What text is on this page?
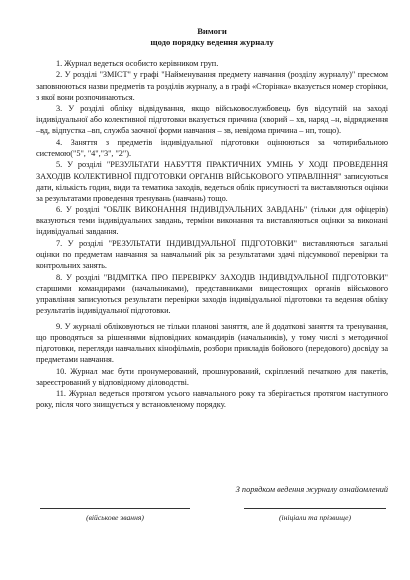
Вимоги
щодо порядку ведення журналу

1. Журнал ведеться особисто керівником груп.

2. У розділі "ЗМІСТ" у графі "Найменування предмету навчання (розділу журналу)" пресмом заповнюються назви предметів та розділів журналу, а в графі «Сторінка» вказується номер сторінки, з якої вони розпочинаються.

3. У розділі обліку відвідування, якщо військовослужбовець був відсутній на заході індивідуальної або колективної підготовки вказується причина (хворий – хв, наряд –н, відрядження –вд, відпустка –вп, служба заочної форми навчання – зв, невідома причина – нп, тощо).

4. Заняття з предметів індивідуальної підготовки оцінюються за чотирибальною системою("5", "4","3", "2").

5. У розділі "РЕЗУЛЬТАТИ НАБУТТЯ ПРАКТИЧНИХ УМІНЬ У ХОДІ ПРОВЕДЕННЯ ЗАХОДІВ КОЛЕКТИВНОЇ ПІДГОТОВКИ ОРГАНІВ ВІЙСЬКОВОГО УПРАВЛІННЯ" записуються дати, кількість годин, види та тематика заходів, ведеться облік присутності та виставляються оцінки за результатами проведення тренувань (навчань) тощо.

6. У розділі "ОБЛІК ВИКОНАННЯ ІНДИВІДУАЛЬНИХ ЗАВДАНЬ" (тільки для офіцерів) вказуються теми індивідуальних завдань, терміни виконання та виставляються оцінки за виконані індивідуальні завдання.

7. У розділі "РЕЗУЛЬТАТИ ІНДИВІДУАЛЬНОЇ ПІДГОТОВКИ" виставляються загальні оцінки по предметам навчання за навчальний рік за результатами здачі підсумкової перевірки та контрольних занять.

8. У розділі "ВІДМІТКА ПРО ПЕРЕВІРКУ ЗАХОДІВ ІНДИВІДУАЛЬНОЇ ПІДГОТОВКИ" старшими командирами (начальниками), представниками вищестоящих органів військового управління записуються результати перевірки заходів індивідуальної підготовки та ведення обліку результатів індивідуальної підготовки.

9. У журналі обліковуються не тільки планові заняття, але й додаткові заняття та тренування, що проводяться за рішеннями відповідних командирів (начальників), у тому числі з методичної підготовки, перегляди навчальних кінофільмів, розбори прикладів бойового (передового) досвіду за предметами навчання.

10. Журнал має бути пронумерований, прошнурований, скріплений печаткою для пакетів, зареєстрований у відповідному діловодстві.

11. Журнал ведеться протягом усього навчального року та зберігається протягом наступного року, після чого знищується у встановленому порядку.

З порядком ведення журналу ознайомлений
(військове звання)	(ініціали та прізвище)
